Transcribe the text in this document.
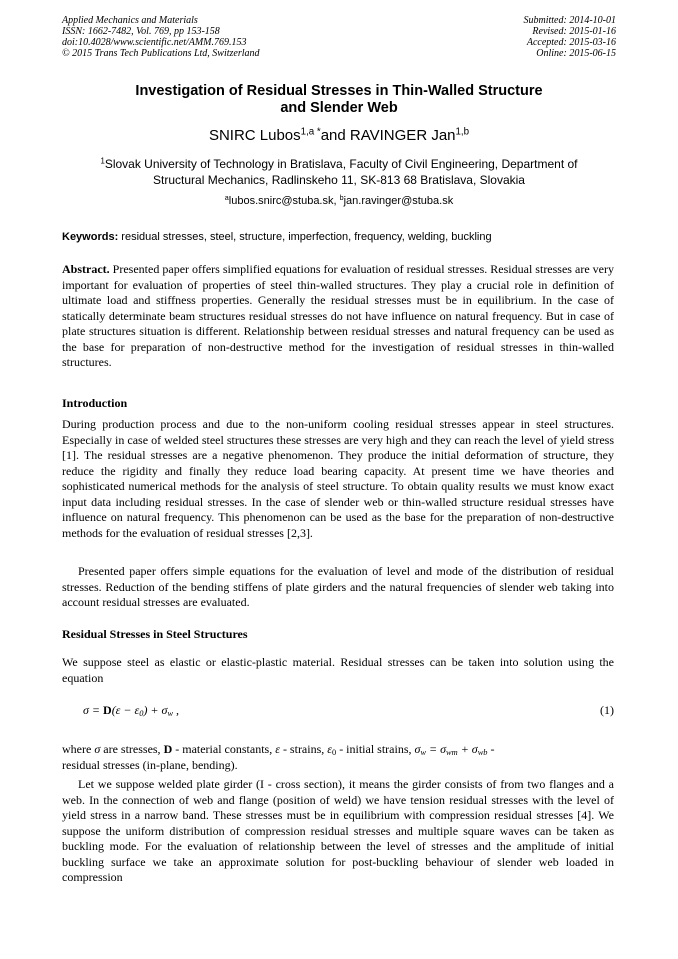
Applied Mechanics and Materials
ISSN: 1662-7482, Vol. 769, pp 153-158
doi:10.4028/www.scientific.net/AMM.769.153
© 2015 Trans Tech Publications Ltd, Switzerland
Submitted: 2014-10-01
Revised: 2015-01-16
Accepted: 2015-03-16
Online: 2015-06-15
Investigation of Residual Stresses in Thin-Walled Structure
and Slender Web
SNIRC Lubos$^{1,a *}$and RAVINGER Jan$^{1,b}$
$^1$Slovak University of Technology in Bratislava, Faculty of Civil Engineering, Department of
Structural Mechanics, Radlinskeho 11, SK-813 68 Bratislava, Slovakia
$^a$lubos.snirc@stuba.sk, $^b$jan.ravinger@stuba.sk
Keywords: residual stresses, steel, structure, imperfection, frequency, welding, buckling
Abstract. Presented paper offers simplified equations for evaluation of residual stresses. Residual stresses are very important for evaluation of properties of steel thin-walled structures. They play a crucial role in definition of ultimate load and stiffness properties. Generally the residual stresses must be in equilibrium. In the case of statically determinate beam structures residual stresses do not have influence on natural frequency. But in case of plate structures situation is different. Relationship between residual stresses and natural frequency can be used as the base for preparation of non-destructive method for the investigation of residual stresses in thin-walled structures.
Introduction
During production process and due to the non-uniform cooling residual stresses appear in steel structures. Especially in case of welded steel structures these stresses are very high and they can reach the level of yield stress [1]. The residual stresses are a negative phenomenon. They produce the initial deformation of structure, they reduce the rigidity and finally they reduce load bearing capacity. At present time we have theories and sophisticated numerical methods for the analysis of steel structure. To obtain quality results we must know exact input data including residual stresses. In the case of slender web or thin-walled structure residual stresses have influence on natural frequency. This phenomenon can be used as the base for the preparation of non-destructive methods for the evaluation of residual stresses [2,3].
Presented paper offers simple equations for the evaluation of level and mode of the distribution of residual stresses. Reduction of the bending stiffens of plate girders and the natural frequencies of slender web taking into account residual stresses are evaluated.
Residual Stresses in Steel Structures
We suppose steel as elastic or elastic-plastic material. Residual stresses can be taken into solution using the equation
$\sigma = D(\varepsilon - \varepsilon_0) + \sigma_w$ ,	(1)
where σ are stresses, D - material constants, ε - strains, $\varepsilon_0$ - initial strains, $\sigma_w = \sigma_{wm} + \sigma_{wb}$ -
residual stresses (in-plane, bending).
Let we suppose welded plate girder (I - cross section), it means the girder consists of from two flanges and a web. In the connection of web and flange (position of weld) we have tension residual stresses with the level of yield stress in a narrow band. These stresses must be in equilibrium with compression residual stresses [4]. We suppose the uniform distribution of compression residual stresses and multiple square waves can be taken as buckling mode. For the evaluation of relationship between the level of stresses and the amplitude of initial buckling surface we take an approximate solution for post-buckling behaviour of slender web loaded in compression
